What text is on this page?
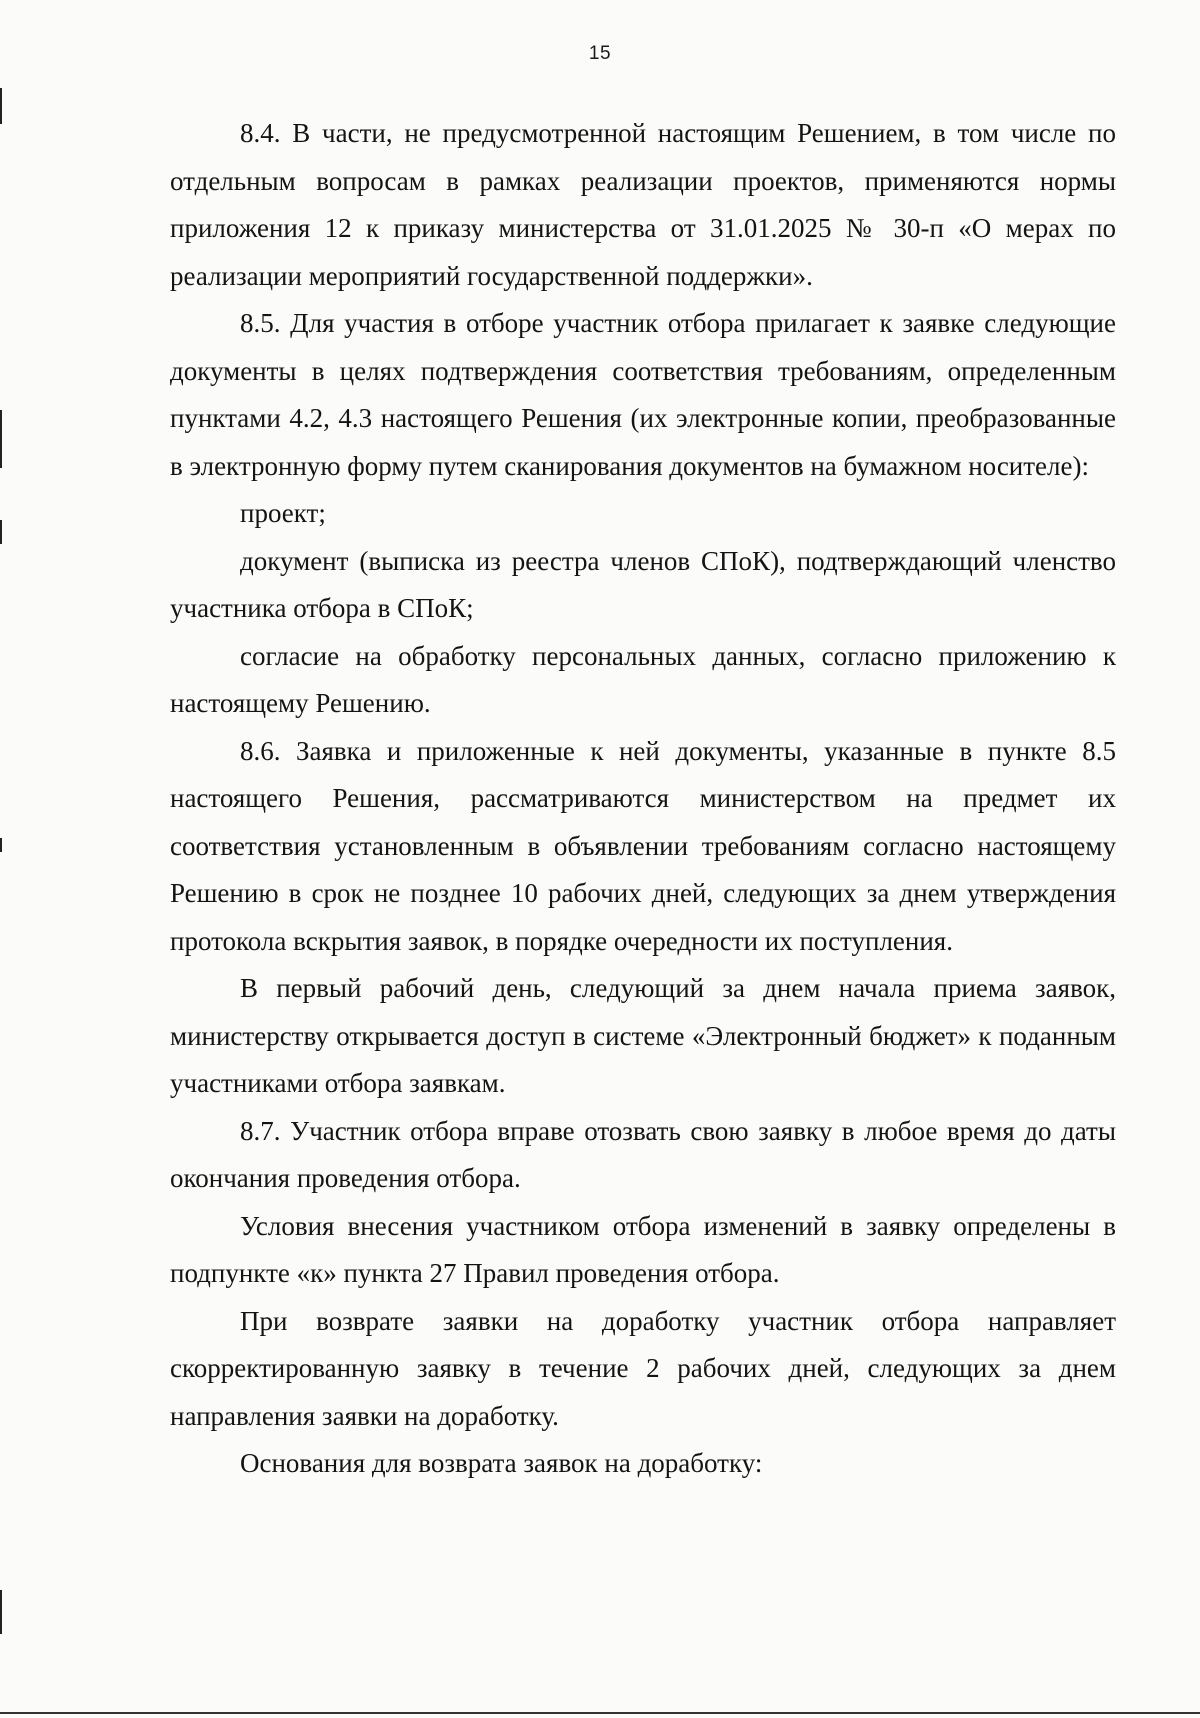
15

8.4. В части, не предусмотренной настоящим Решением, в том числе по отдельным вопросам в рамках реализации проектов, применяются нормы приложения 12 к приказу министерства от 31.01.2025 № 30-п «О мерах по реализации мероприятий государственной поддержки».

8.5. Для участия в отборе участник отбора прилагает к заявке следующие документы в целях подтверждения соответствия требованиям, определенным пунктами 4.2, 4.3 настоящего Решения (их электронные копии, преобразованные в электронную форму путем сканирования документов на бумажном носителе):

проект;

документ (выписка из реестра членов СПоК), подтверждающий членство участника отбора в СПоК;

согласие на обработку персональных данных, согласно приложению к настоящему Решению.

8.6. Заявка и приложенные к ней документы, указанные в пункте 8.5 настоящего Решения, рассматриваются министерством на предмет их соответствия установленным в объявлении требованиям согласно настоящему Решению в срок не позднее 10 рабочих дней, следующих за днем утверждения протокола вскрытия заявок, в порядке очередности их поступления.

В первый рабочий день, следующий за днем начала приема заявок, министерству открывается доступ в системе «Электронный бюджет» к поданным участниками отбора заявкам.

8.7. Участник отбора вправе отозвать свою заявку в любое время до даты окончания проведения отбора.

Условия внесения участником отбора изменений в заявку определены в подпункте «к» пункта 27 Правил проведения отбора.

При возврате заявки на доработку участник отбора направляет скорректированную заявку в течение 2 рабочих дней, следующих за днем направления заявки на доработку.

Основания для возврата заявок на доработку:
